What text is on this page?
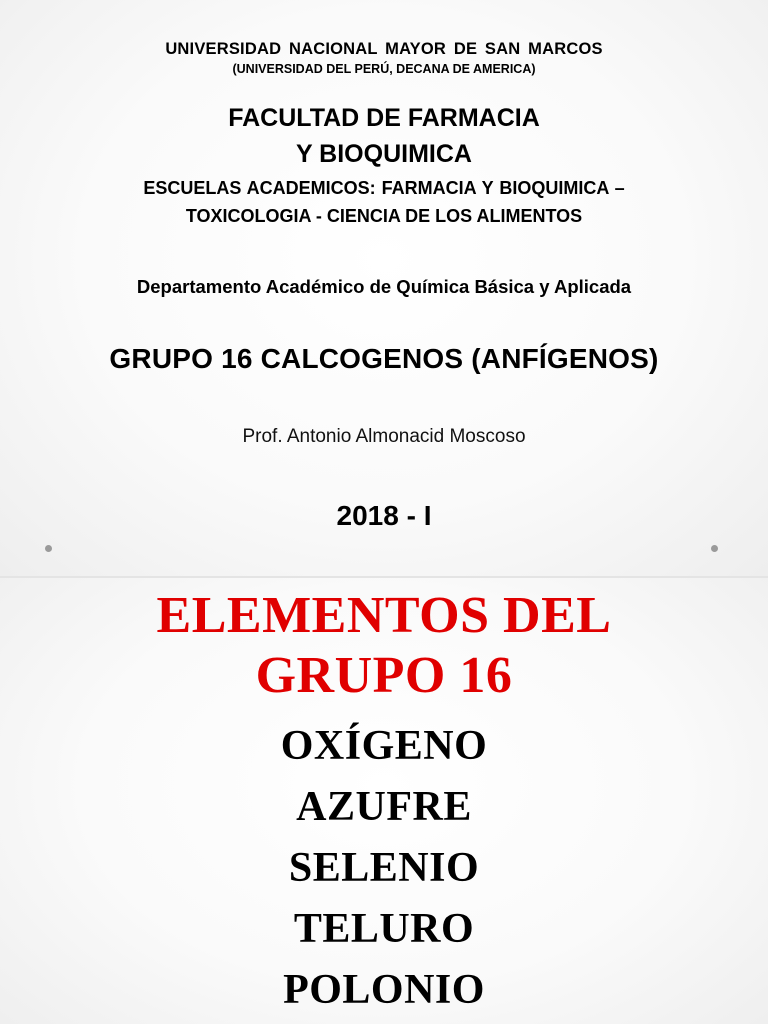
UNIVERSIDAD NACIONAL MAYOR DE SAN MARCOS
(UNIVERSIDAD DEL PERÚ, DECANA DE AMERICA)
FACULTAD DE FARMACIA
Y BIOQUIMICA
ESCUELAS ACADEMICOS: FARMACIA Y BIOQUIMICA –
TOXICOLOGIA - CIENCIA DE LOS ALIMENTOS
Departamento Académico de Química Básica y Aplicada
GRUPO 16 CALCOGENOS (ANFÍGENOS)
Prof. Antonio Almonacid Moscoso
2018 - I
ELEMENTOS DEL
GRUPO 16
OXÍGENO
AZUFRE
SELENIO
TELURO
POLONIO
